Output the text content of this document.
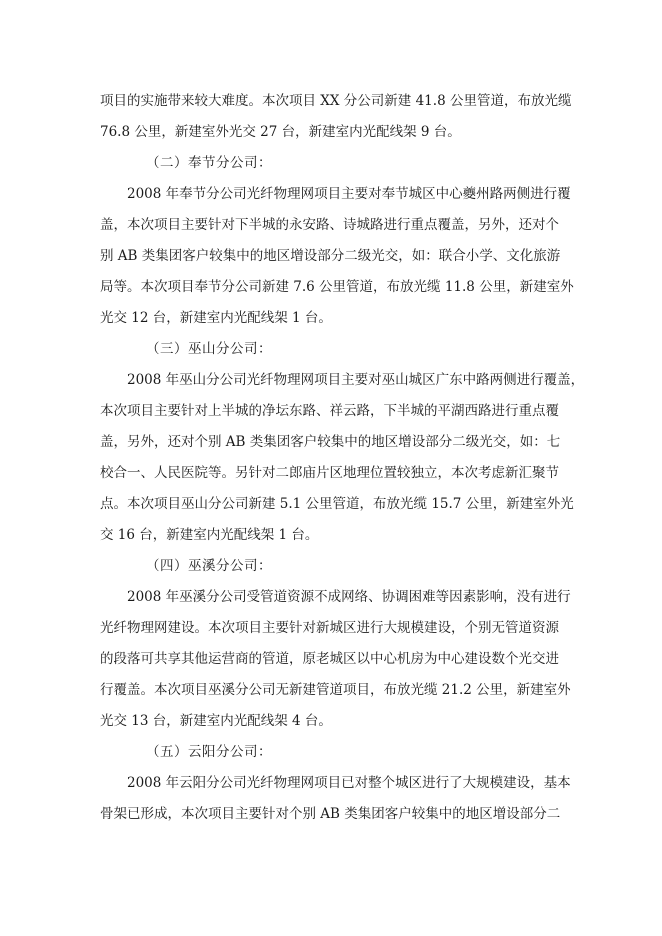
项目的实施带来较大难度。本次项目 XX 分公司新建 41.8 公里管道，布放光缆
76.8 公里，新建室外光交 27 台，新建室内光配线架 9 台。
（二）奉节分公司：
2008 年奉节分公司光纤物理网项目主要对奉节城区中心夔州路两侧进行覆
盖，本次项目主要针对下半城的永安路、诗城路进行重点覆盖，另外，还对个
别 AB 类集团客户较集中的地区增设部分二级光交，如：联合小学、文化旅游
局等。本次项目奉节分公司新建 7.6 公里管道，布放光缆 11.8 公里，新建室外
光交 12 台，新建室内光配线架 1 台。
（三）巫山分公司：
2008 年巫山分公司光纤物理网项目主要对巫山城区广东中路两侧进行覆盖，
本次项目主要针对上半城的净坛东路、祥云路，下半城的平湖西路进行重点覆
盖，另外，还对个别 AB 类集团客户较集中的地区增设部分二级光交，如：七
校合一、人民医院等。另针对二郎庙片区地理位置较独立，本次考虑新汇聚节
点。本次项目巫山分公司新建 5.1 公里管道，布放光缆 15.7 公里，新建室外光
交 16 台，新建室内光配线架 1 台。
（四）巫溪分公司：
2008 年巫溪分公司受管道资源不成网络、协调困难等因素影响，没有进行
光纤物理网建设。本次项目主要针对新城区进行大规模建设，个别无管道资源
的段落可共享其他运营商的管道，原老城区以中心机房为中心建设数个光交进
行覆盖。本次项目巫溪分公司无新建管道项目，布放光缆 21.2 公里，新建室外
光交 13 台，新建室内光配线架 4 台。
（五）云阳分公司：
2008 年云阳分公司光纤物理网项目已对整个城区进行了大规模建设，基本
骨架已形成，本次项目主要针对个别 AB 类集团客户较集中的地区增设部分二
